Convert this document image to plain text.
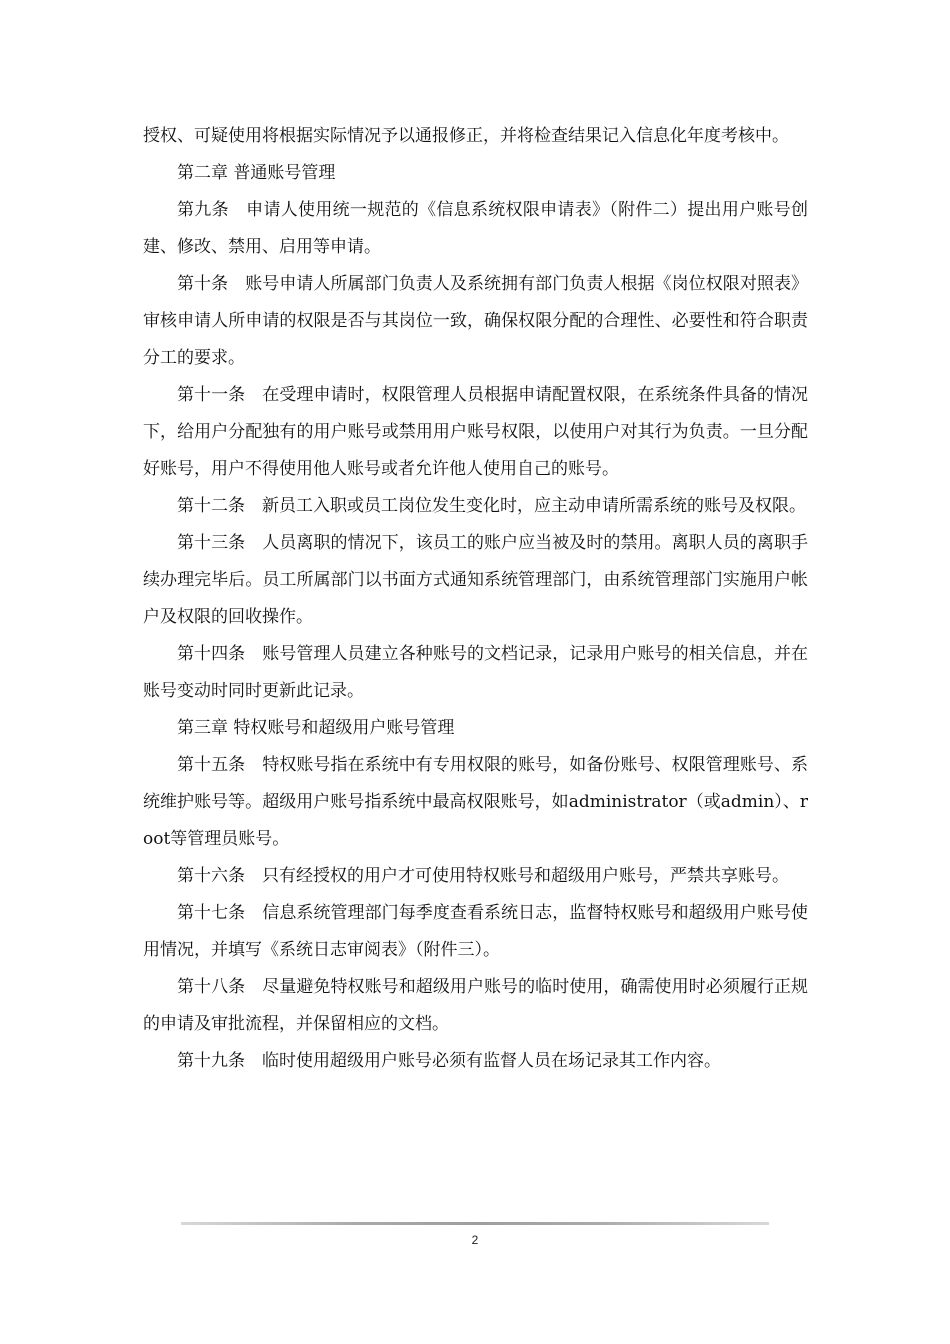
授权、可疑使用将根据实际情况予以通报修正，并将检查结果记入信息化年度考核中。

第二章 普通账号管理

第九条　申请人使用统一规范的《信息系统权限申请表》（附件二）提出用户账号创建、修改、禁用、启用等申请。

第十条　账号申请人所属部门负责人及系统拥有部门负责人根据《岗位权限对照表》审核申请人所申请的权限是否与其岗位一致，确保权限分配的合理性、必要性和符合职责分工的要求。

第十一条　在受理申请时，权限管理人员根据申请配置权限，在系统条件具备的情况下，给用户分配独有的用户账号或禁用用户账号权限，以使用户对其行为负责。一旦分配好账号，用户不得使用他人账号或者允许他人使用自己的账号。

第十二条　新员工入职或员工岗位发生变化时，应主动申请所需系统的账号及权限。

第十三条　人员离职的情况下，该员工的账户应当被及时的禁用。离职人员的离职手续办理完毕后。员工所属部门以书面方式通知系统管理部门，由系统管理部门实施用户帐户及权限的回收操作。

第十四条　账号管理人员建立各种账号的文档记录，记录用户账号的相关信息，并在账号变动时同时更新此记录。

第三章 特权账号和超级用户账号管理

第十五条　特权账号指在系统中有专用权限的账号，如备份账号、权限管理账号、系统维护账号等。超级用户账号指系统中最高权限账号，如administrator（或admin）、root等管理员账号。

第十六条　只有经授权的用户才可使用特权账号和超级用户账号，严禁共享账号。

第十七条　信息系统管理部门每季度查看系统日志，监督特权账号和超级用户账号使用情况，并填写《系统日志审阅表》（附件三）。

第十八条　尽量避免特权账号和超级用户账号的临时使用，确需使用时必须履行正规的申请及审批流程，并保留相应的文档。

第十九条　临时使用超级用户账号必须有监督人员在场记录其工作内容。

2
